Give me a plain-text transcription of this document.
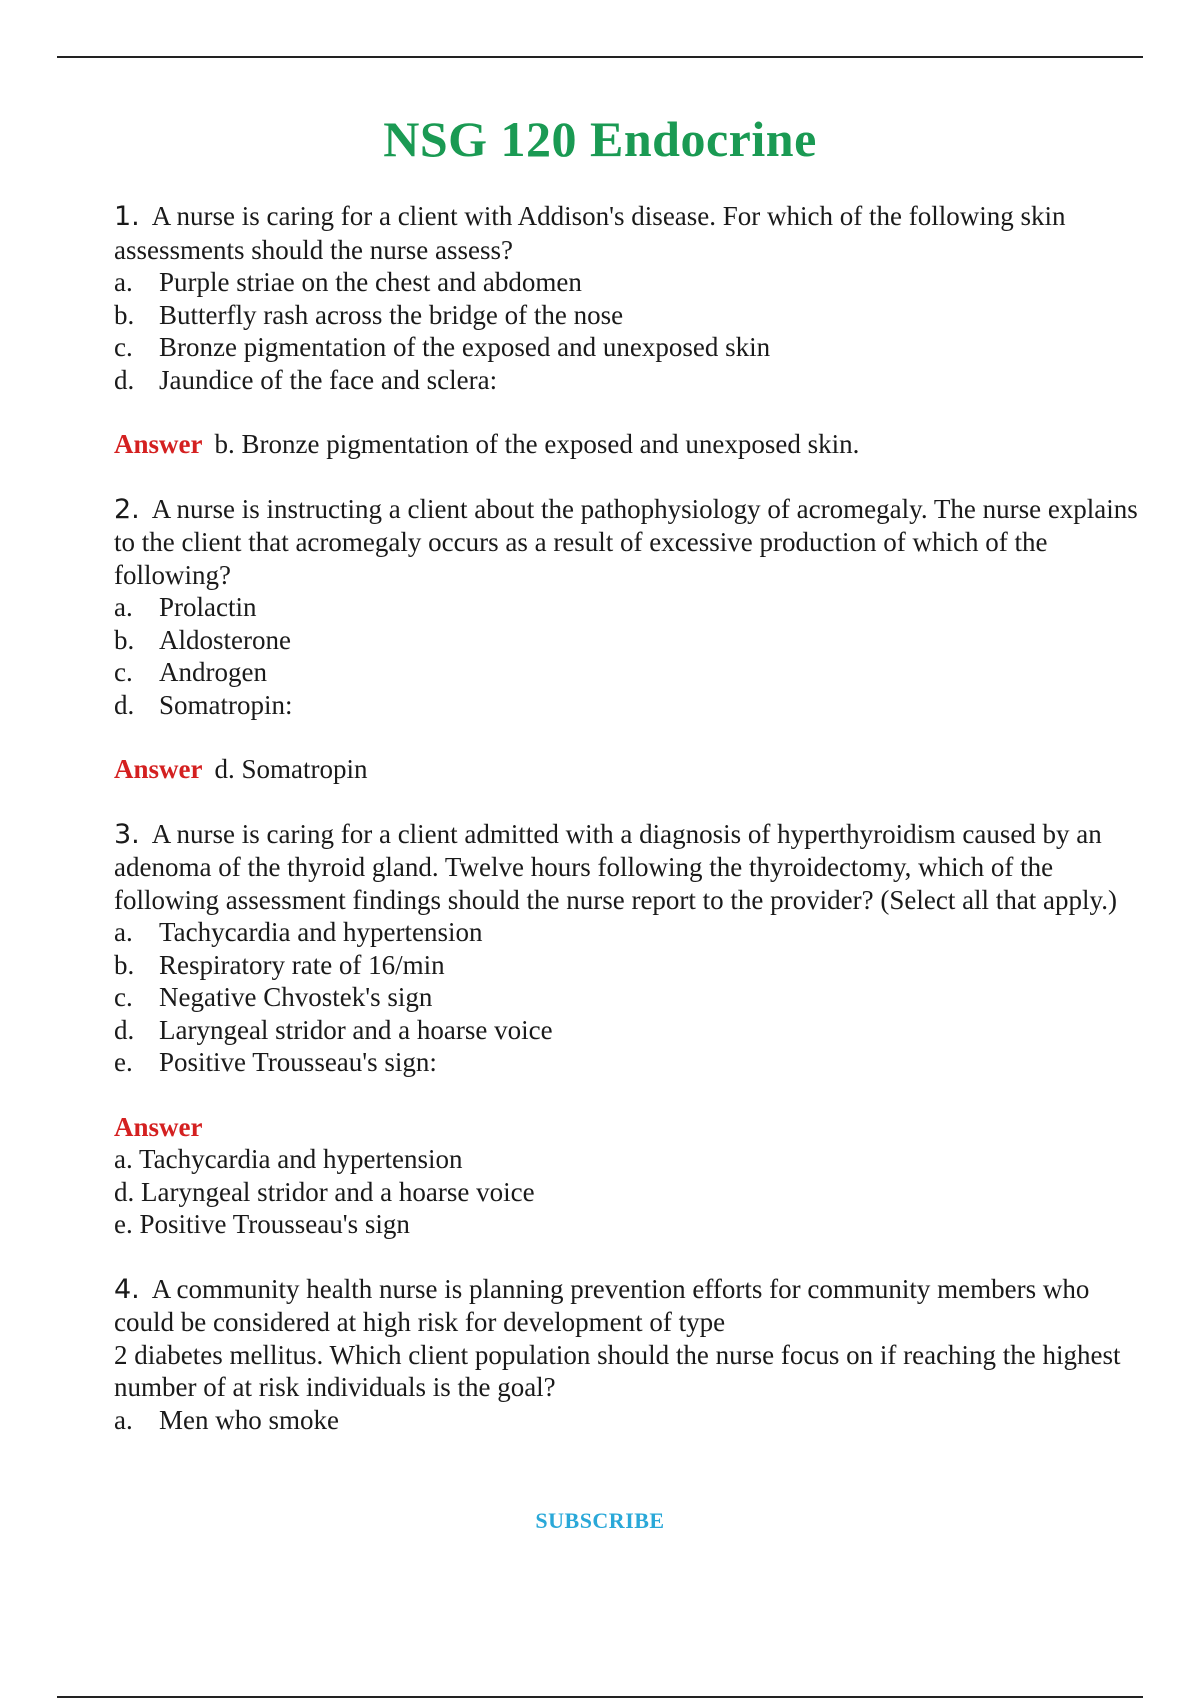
NSG 120 Endocrine

1. A nurse is caring for a client with Addison's disease. For which of the following skin assessments should the nurse assess?

a. Purple striae on the chest and abdomen
b. Butterfly rash across the bridge of the nose
c. Bronze pigmentation of the exposed and unexposed skin
d. Jaundice of the face and sclera:

Answer b. Bronze pigmentation of the exposed and unexposed skin.

2. A nurse is instructing a client about the pathophysiology of acromegaly. The nurse explains to the client that acromegaly occurs as a result of excessive production of which of the following?

a. Prolactin
b. Aldosterone
c. Androgen
d. Somatropin:

Answer d. Somatropin

3. A nurse is caring for a client admitted with a diagnosis of hyperthyroidism caused by an adenoma of the thyroid gland. Twelve hours following the thyroidectomy, which of the following assessment findings should the nurse report to the provider? (Select all that apply.)

a. Tachycardia and hypertension
b. Respiratory rate of 16/min
c. Negative Chvostek's sign
d. Laryngeal stridor and a hoarse voice
e. Positive Trousseau's sign:

Answer

a. Tachycardia and hypertension
d. Laryngeal stridor and a hoarse voice
e. Positive Trousseau's sign

4. A community health nurse is planning prevention efforts for community members who could be considered at high risk for development of type

2 diabetes mellitus. Which client population should the nurse focus on if reaching the highest number of at risk individuals is the goal?

a. Men who smoke
SUBSCRIBE
